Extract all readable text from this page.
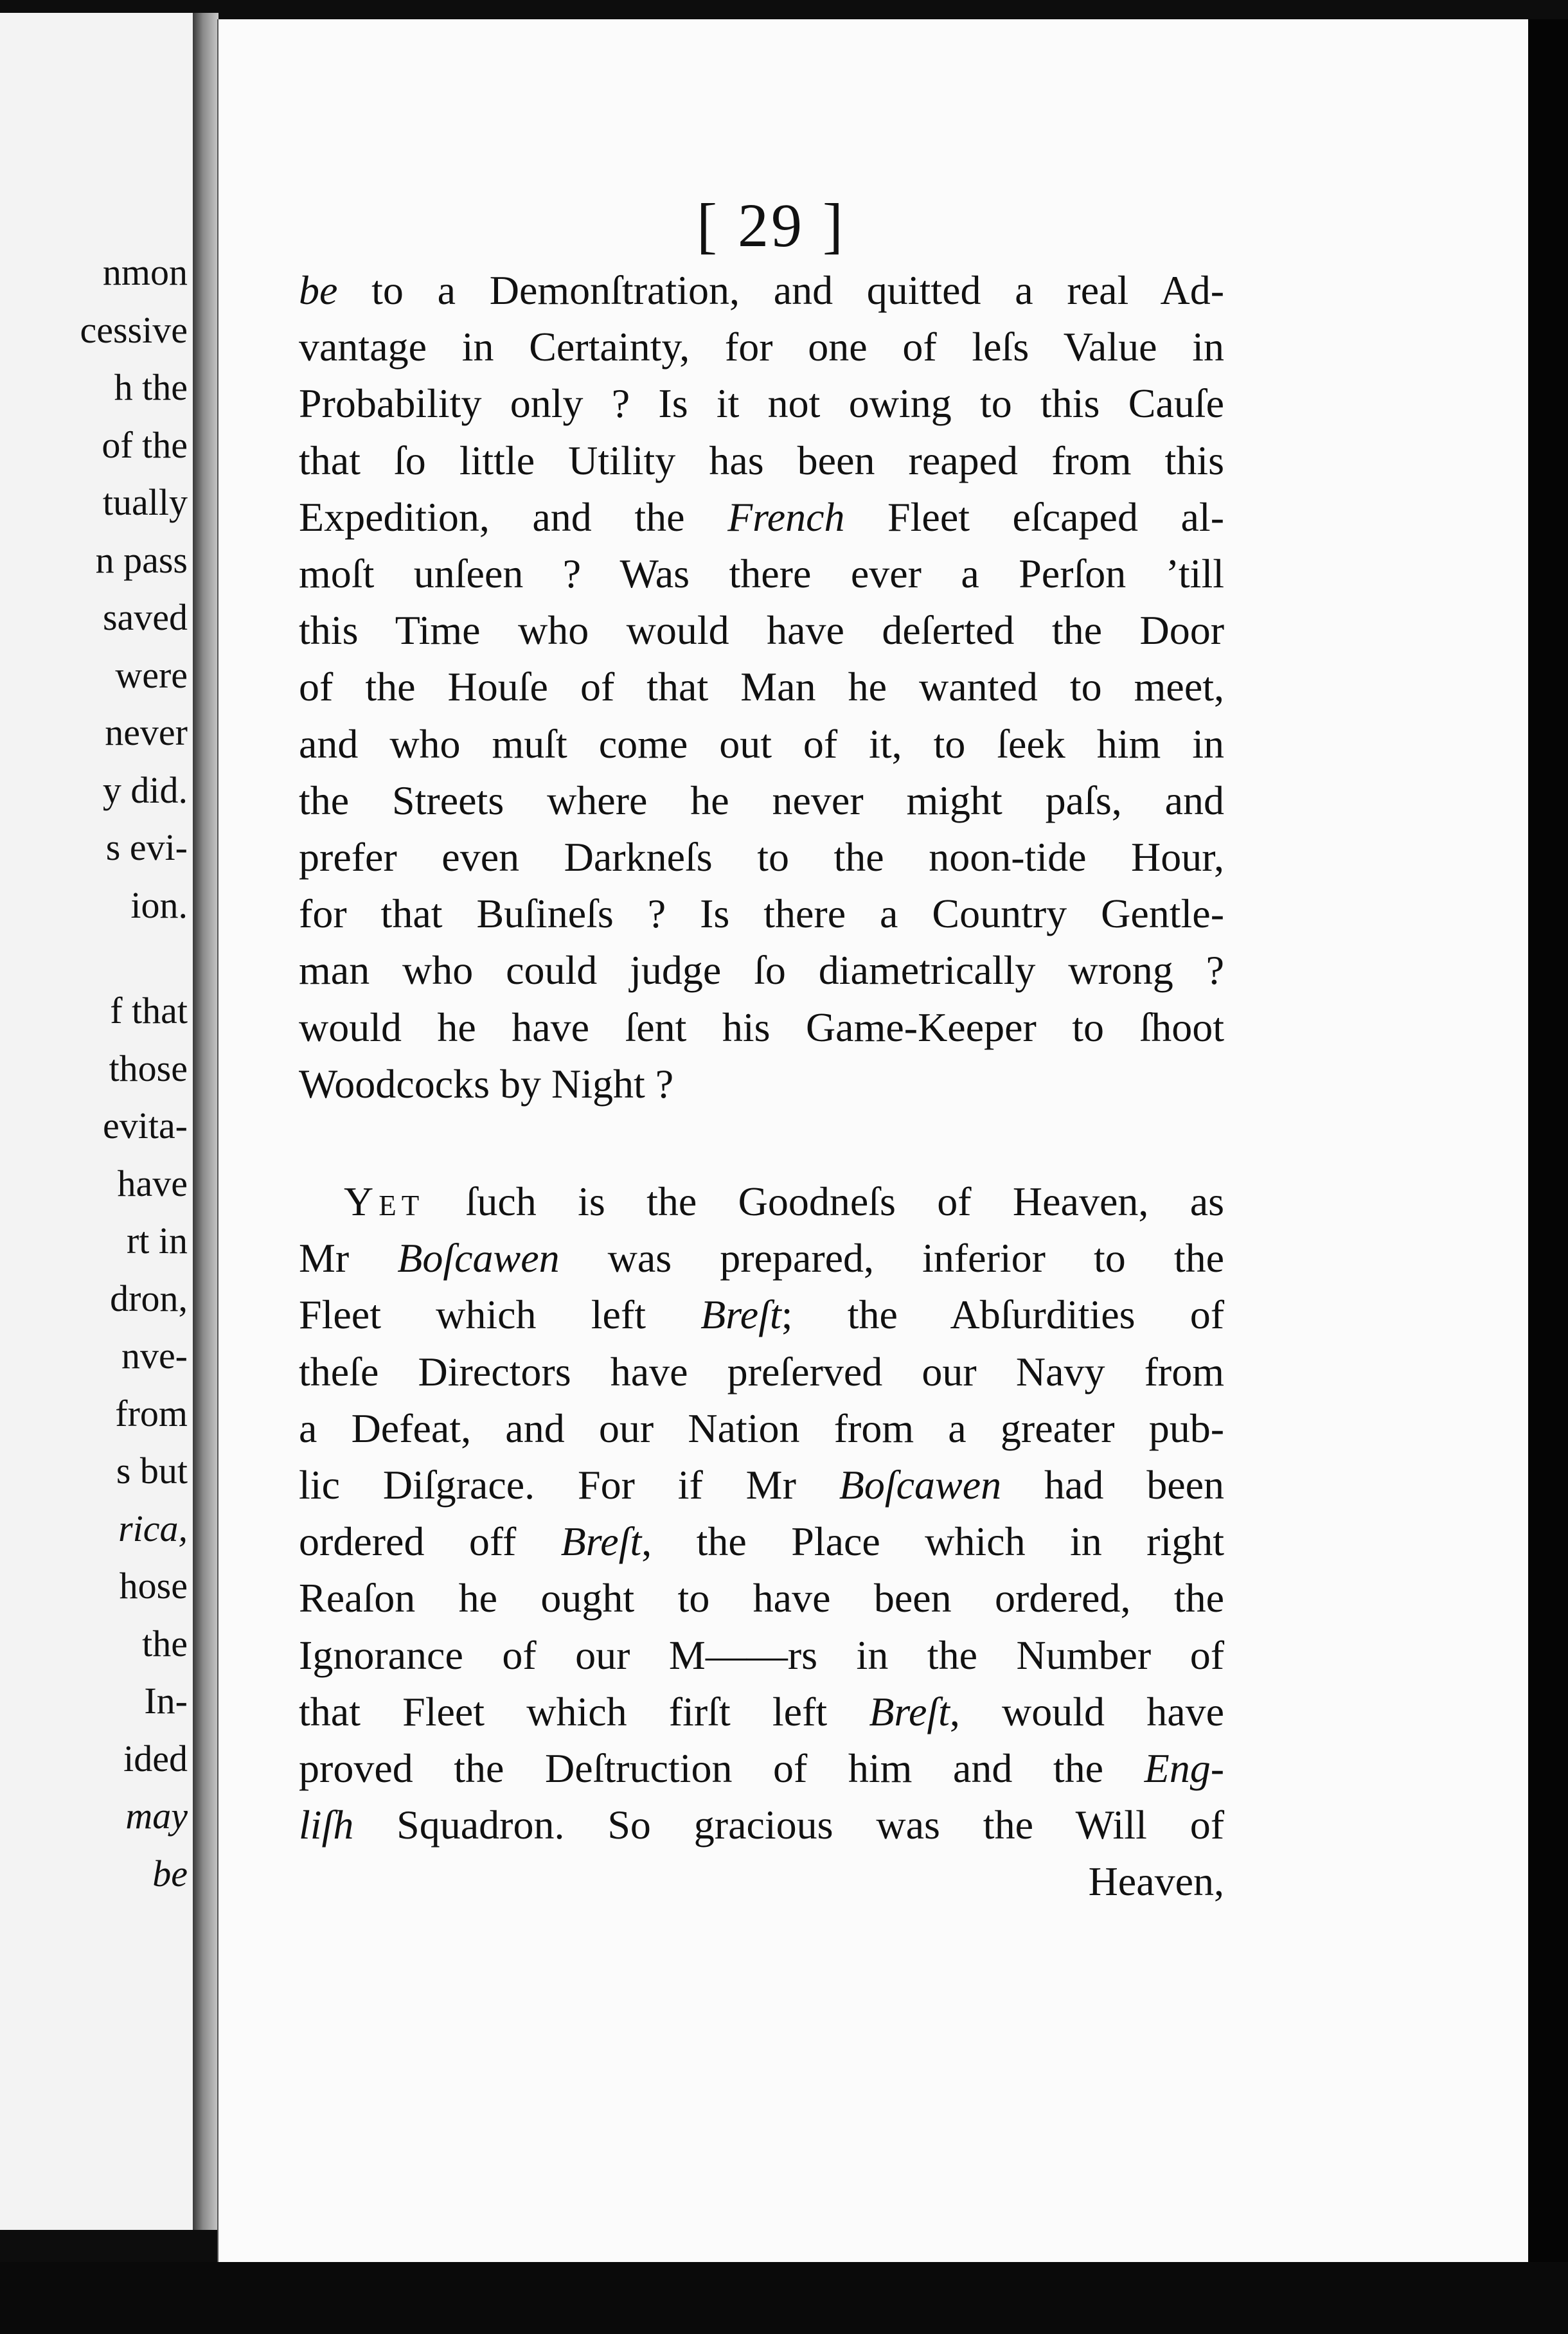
nmon
cessive
h the
of the
tually
n pass
saved
were
never
y did.
s evi-
ion.
f that
those
evita-
have
rt in
dron,
nve-
from
s but
rica,
hose
the
In-
ided
may
be
[ 29 ]
be to a Demonſtration, and quitted a real Ad-
vantage in Certainty, for one of leſs Value in
Probability only ? Is it not owing to this Cauſe
that ſo little Utility has been reaped from this
Expedition, and the French Fleet eſcaped al-
moſt unſeen ? Was there ever a Perſon ’till
this Time who would have deſerted the Door
of the Houſe of that Man he wanted to meet,
and who muſt come out of it, to ſeek him in
the Streets where he never might paſs, and
prefer even Darkneſs to the noon-tide Hour,
for that Buſineſs ? Is there a Country Gentle-
man who could judge ſo diametrically wrong ?
would he have ſent his Game-Keeper to ſhoot
Woodcocks by Night ?
Yet ſuch is the Goodneſs of Heaven, as
Mr Boſcawen was prepared, inferior to the
Fleet which left Breſt; the Abſurdities of
theſe Directors have preſerved our Navy from
a Defeat, and our Nation from a greater pub-
lic Diſgrace. For if Mr Boſcawen had been
ordered off Breſt, the Place which in right
Reaſon he ought to have been ordered, the
Ignorance of our M——rs in the Number of
that Fleet which firſt left Breſt, would have
proved the Deſtruction of him and the Eng-
liſh Squadron. So gracious was the Will of
Heaven,
